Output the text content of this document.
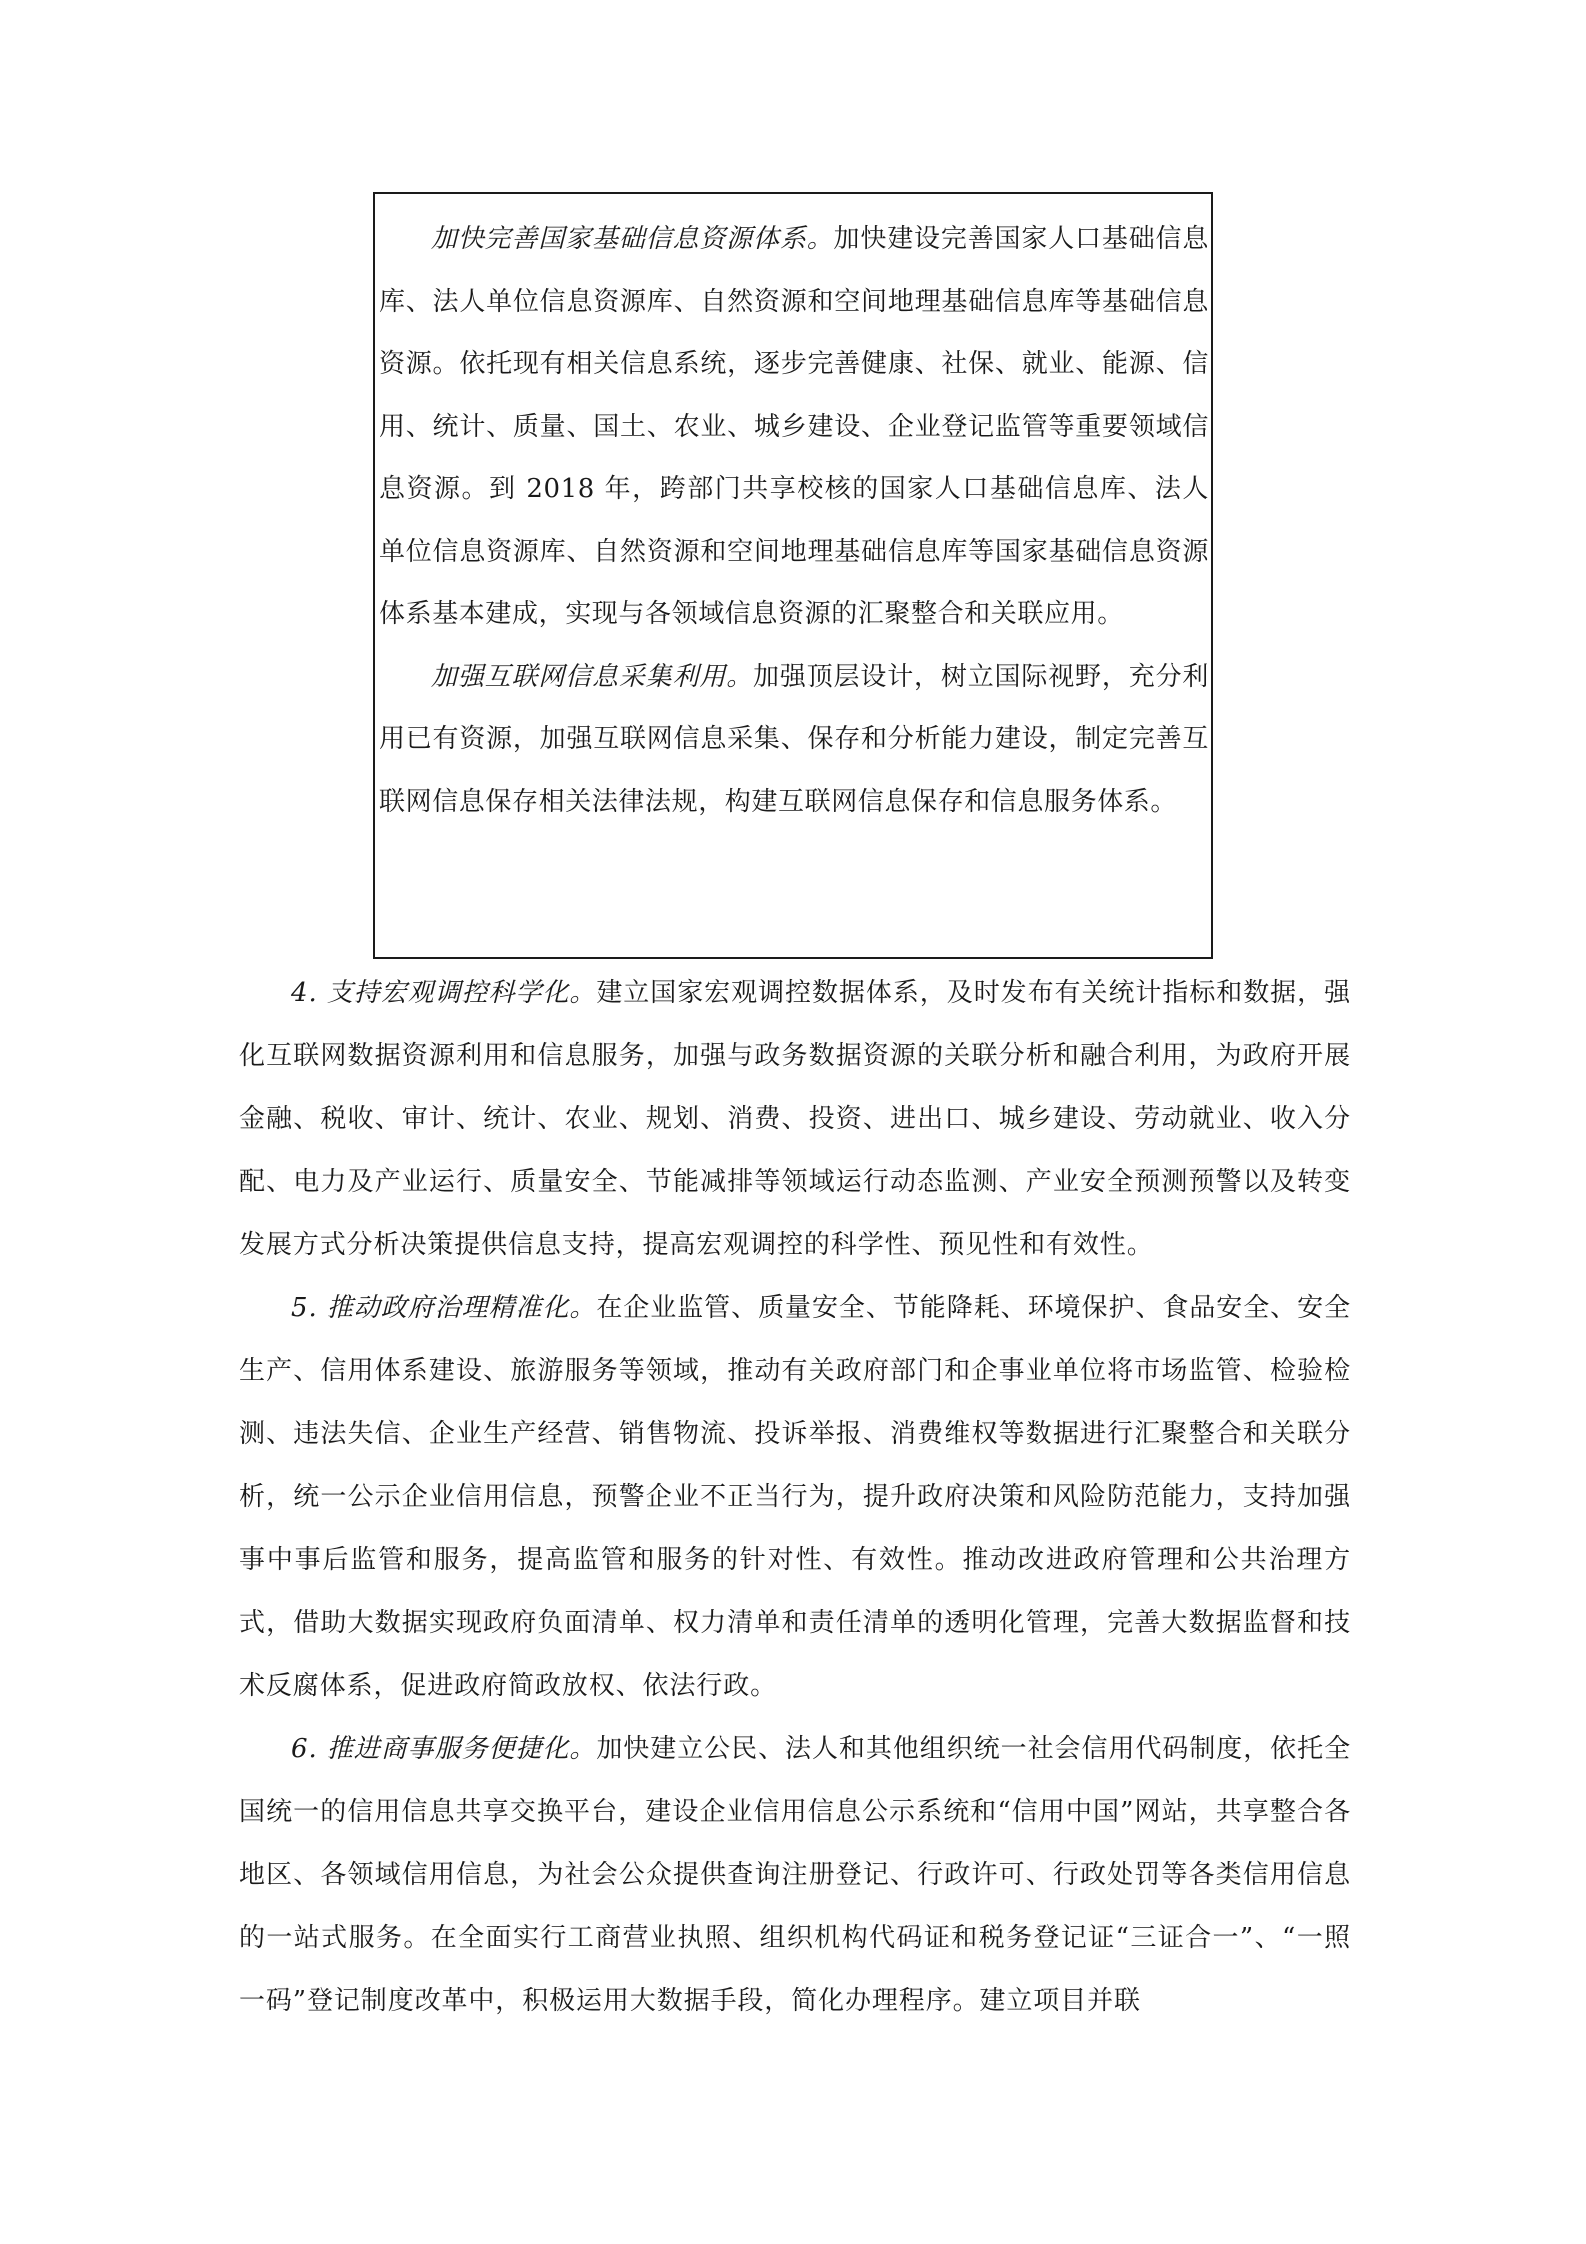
加快完善国家基础信息资源体系。加快建设完善国家人口基础信息库、法人单位信息资源库、自然资源和空间地理基础信息库等基础信息资源。依托现有相关信息系统，逐步完善健康、社保、就业、能源、信用、统计、质量、国土、农业、城乡建设、企业登记监管等重要领域信息资源。到 2018 年，跨部门共享校核的国家人口基础信息库、法人单位信息资源库、自然资源和空间地理基础信息库等国家基础信息资源体系基本建成，实现与各领域信息资源的汇聚整合和关联应用。

加强互联网信息采集利用。加强顶层设计，树立国际视野，充分利用已有资源，加强互联网信息采集、保存和分析能力建设，制定完善互联网信息保存相关法律法规，构建互联网信息保存和信息服务体系。

4. 支持宏观调控科学化。建立国家宏观调控数据体系，及时发布有关统计指标和数据，强化互联网数据资源利用和信息服务，加强与政务数据资源的关联分析和融合利用，为政府开展金融、税收、审计、统计、农业、规划、消费、投资、进出口、城乡建设、劳动就业、收入分配、电力及产业运行、质量安全、节能减排等领域运行动态监测、产业安全预测预警以及转变发展方式分析决策提供信息支持，提高宏观调控的科学性、预见性和有效性。

5. 推动政府治理精准化。在企业监管、质量安全、节能降耗、环境保护、食品安全、安全生产、信用体系建设、旅游服务等领域，推动有关政府部门和企事业单位将市场监管、检验检测、违法失信、企业生产经营、销售物流、投诉举报、消费维权等数据进行汇聚整合和关联分析，统一公示企业信用信息，预警企业不正当行为，提升政府决策和风险防范能力，支持加强事中事后监管和服务，提高监管和服务的针对性、有效性。推动改进政府管理和公共治理方式，借助大数据实现政府负面清单、权力清单和责任清单的透明化管理，完善大数据监督和技术反腐体系，促进政府简政放权、依法行政。

6. 推进商事服务便捷化。加快建立公民、法人和其他组织统一社会信用代码制度，依托全国统一的信用信息共享交换平台，建设企业信用信息公示系统和“信用中国”网站，共享整合各地区、各领域信用信息，为社会公众提供查询注册登记、行政许可、行政处罚等各类信用信息的一站式服务。在全面实行工商营业执照、组织机构代码证和税务登记证“三证合一”、“一照一码”登记制度改革中，积极运用大数据手段，简化办理程序。建立项目并联
